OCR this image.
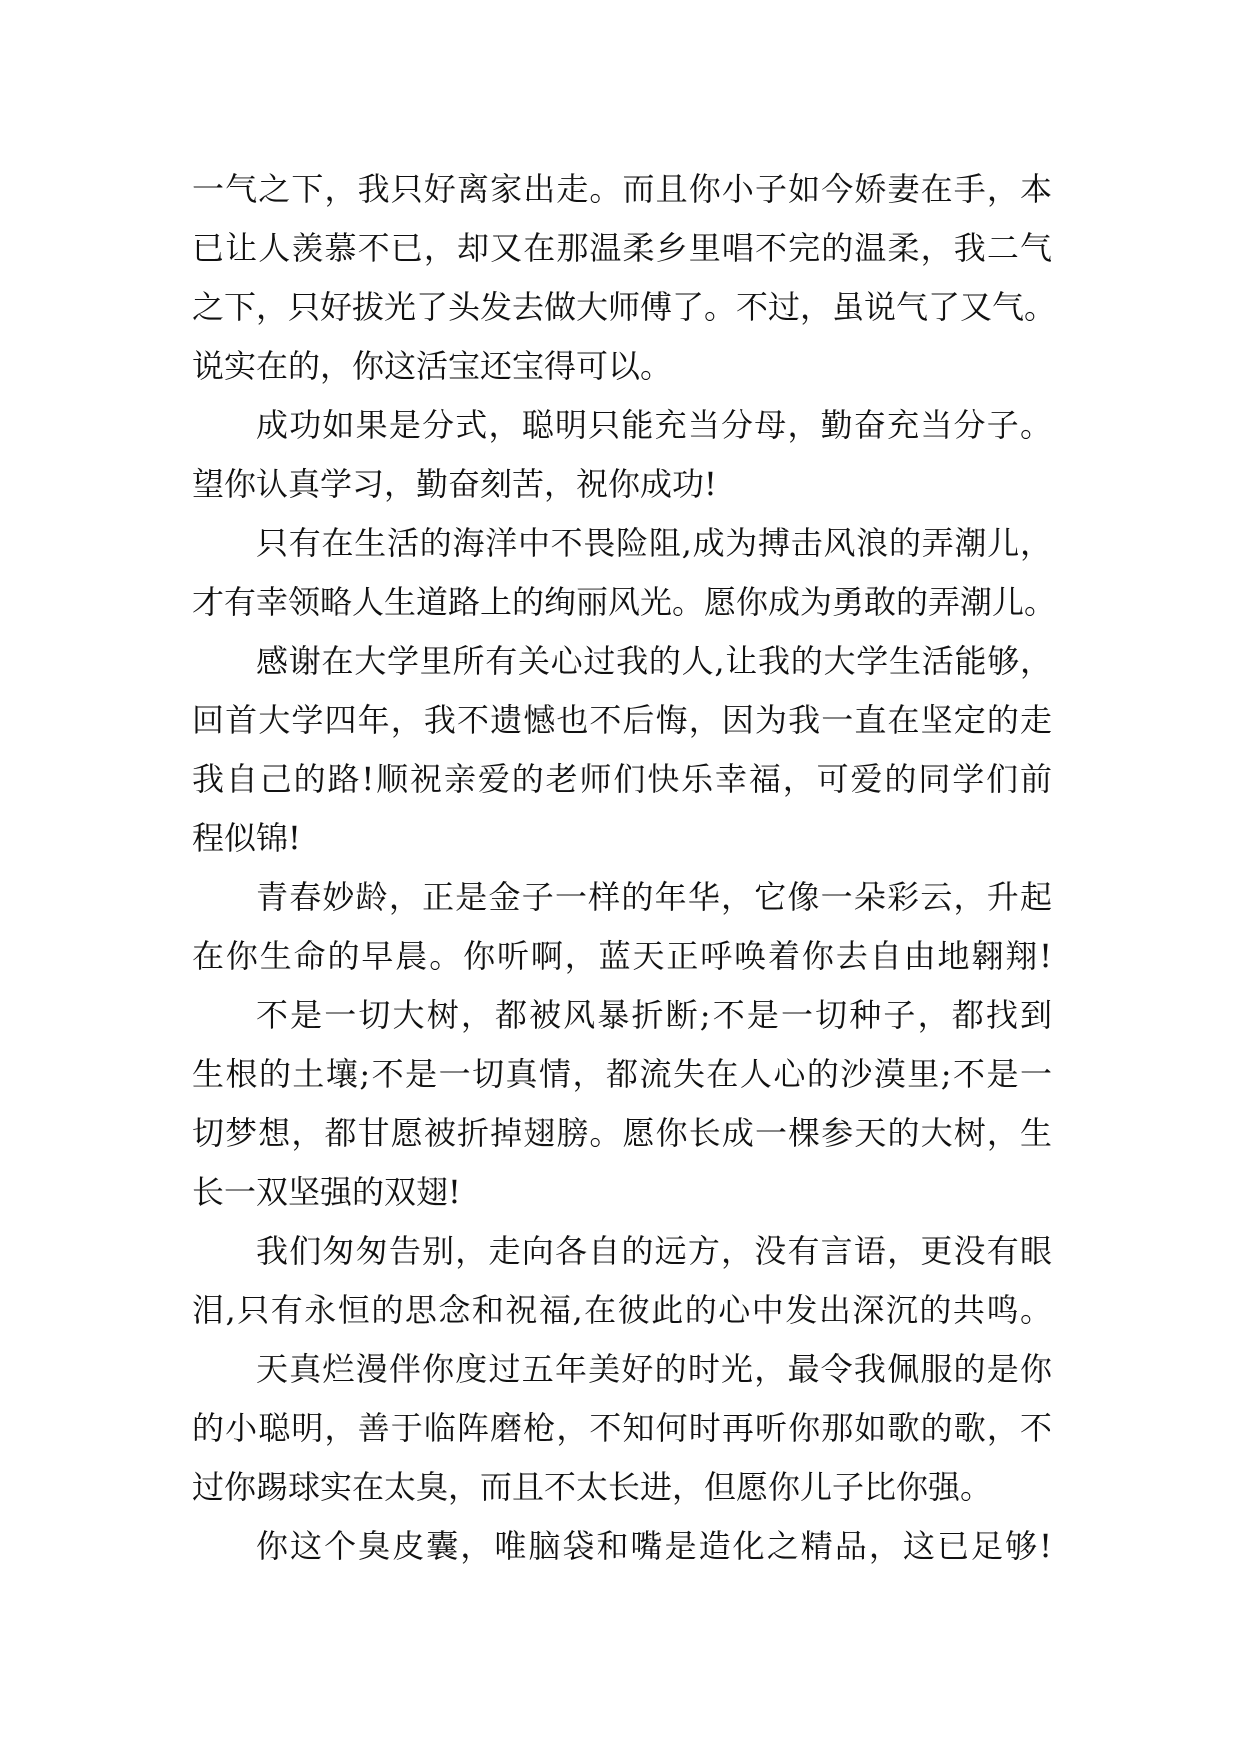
一气之下，我只好离家出走。而且你小子如今娇妻在手，本
已让人羡慕不已，却又在那温柔乡里唱不完的温柔，我二气
之下，只好拔光了头发去做大师傅了。不过，虽说气了又气。
说实在的，你这活宝还宝得可以。
成功如果是分式，聪明只能充当分母，勤奋充当分子。
望你认真学习，勤奋刻苦，祝你成功!
只有在生活的海洋中不畏险阻,成为搏击风浪的弄潮儿，
才有幸领略人生道路上的绚丽风光。愿你成为勇敢的弄潮儿。
感谢在大学里所有关心过我的人,让我的大学生活能够，
回首大学四年，我不遗憾也不后悔，因为我一直在坚定的走
我自己的路!顺祝亲爱的老师们快乐幸福，可爱的同学们前
程似锦!
青春妙龄，正是金子一样的年华，它像一朵彩云，升起
在你生命的早晨。你听啊，蓝天正呼唤着你去自由地翱翔!
不是一切大树，都被风暴折断;不是一切种子，都找到
生根的土壤;不是一切真情，都流失在人心的沙漠里;不是一
切梦想，都甘愿被折掉翅膀。愿你长成一棵参天的大树，生
长一双坚强的双翅!
我们匆匆告别，走向各自的远方，没有言语，更没有眼
泪,只有永恒的思念和祝福,在彼此的心中发出深沉的共鸣。
天真烂漫伴你度过五年美好的时光，最令我佩服的是你
的小聪明，善于临阵磨枪，不知何时再听你那如歌的歌，不
过你踢球实在太臭，而且不太长进，但愿你儿子比你强。
你这个臭皮囊，唯脑袋和嘴是造化之精品，这已足够!
